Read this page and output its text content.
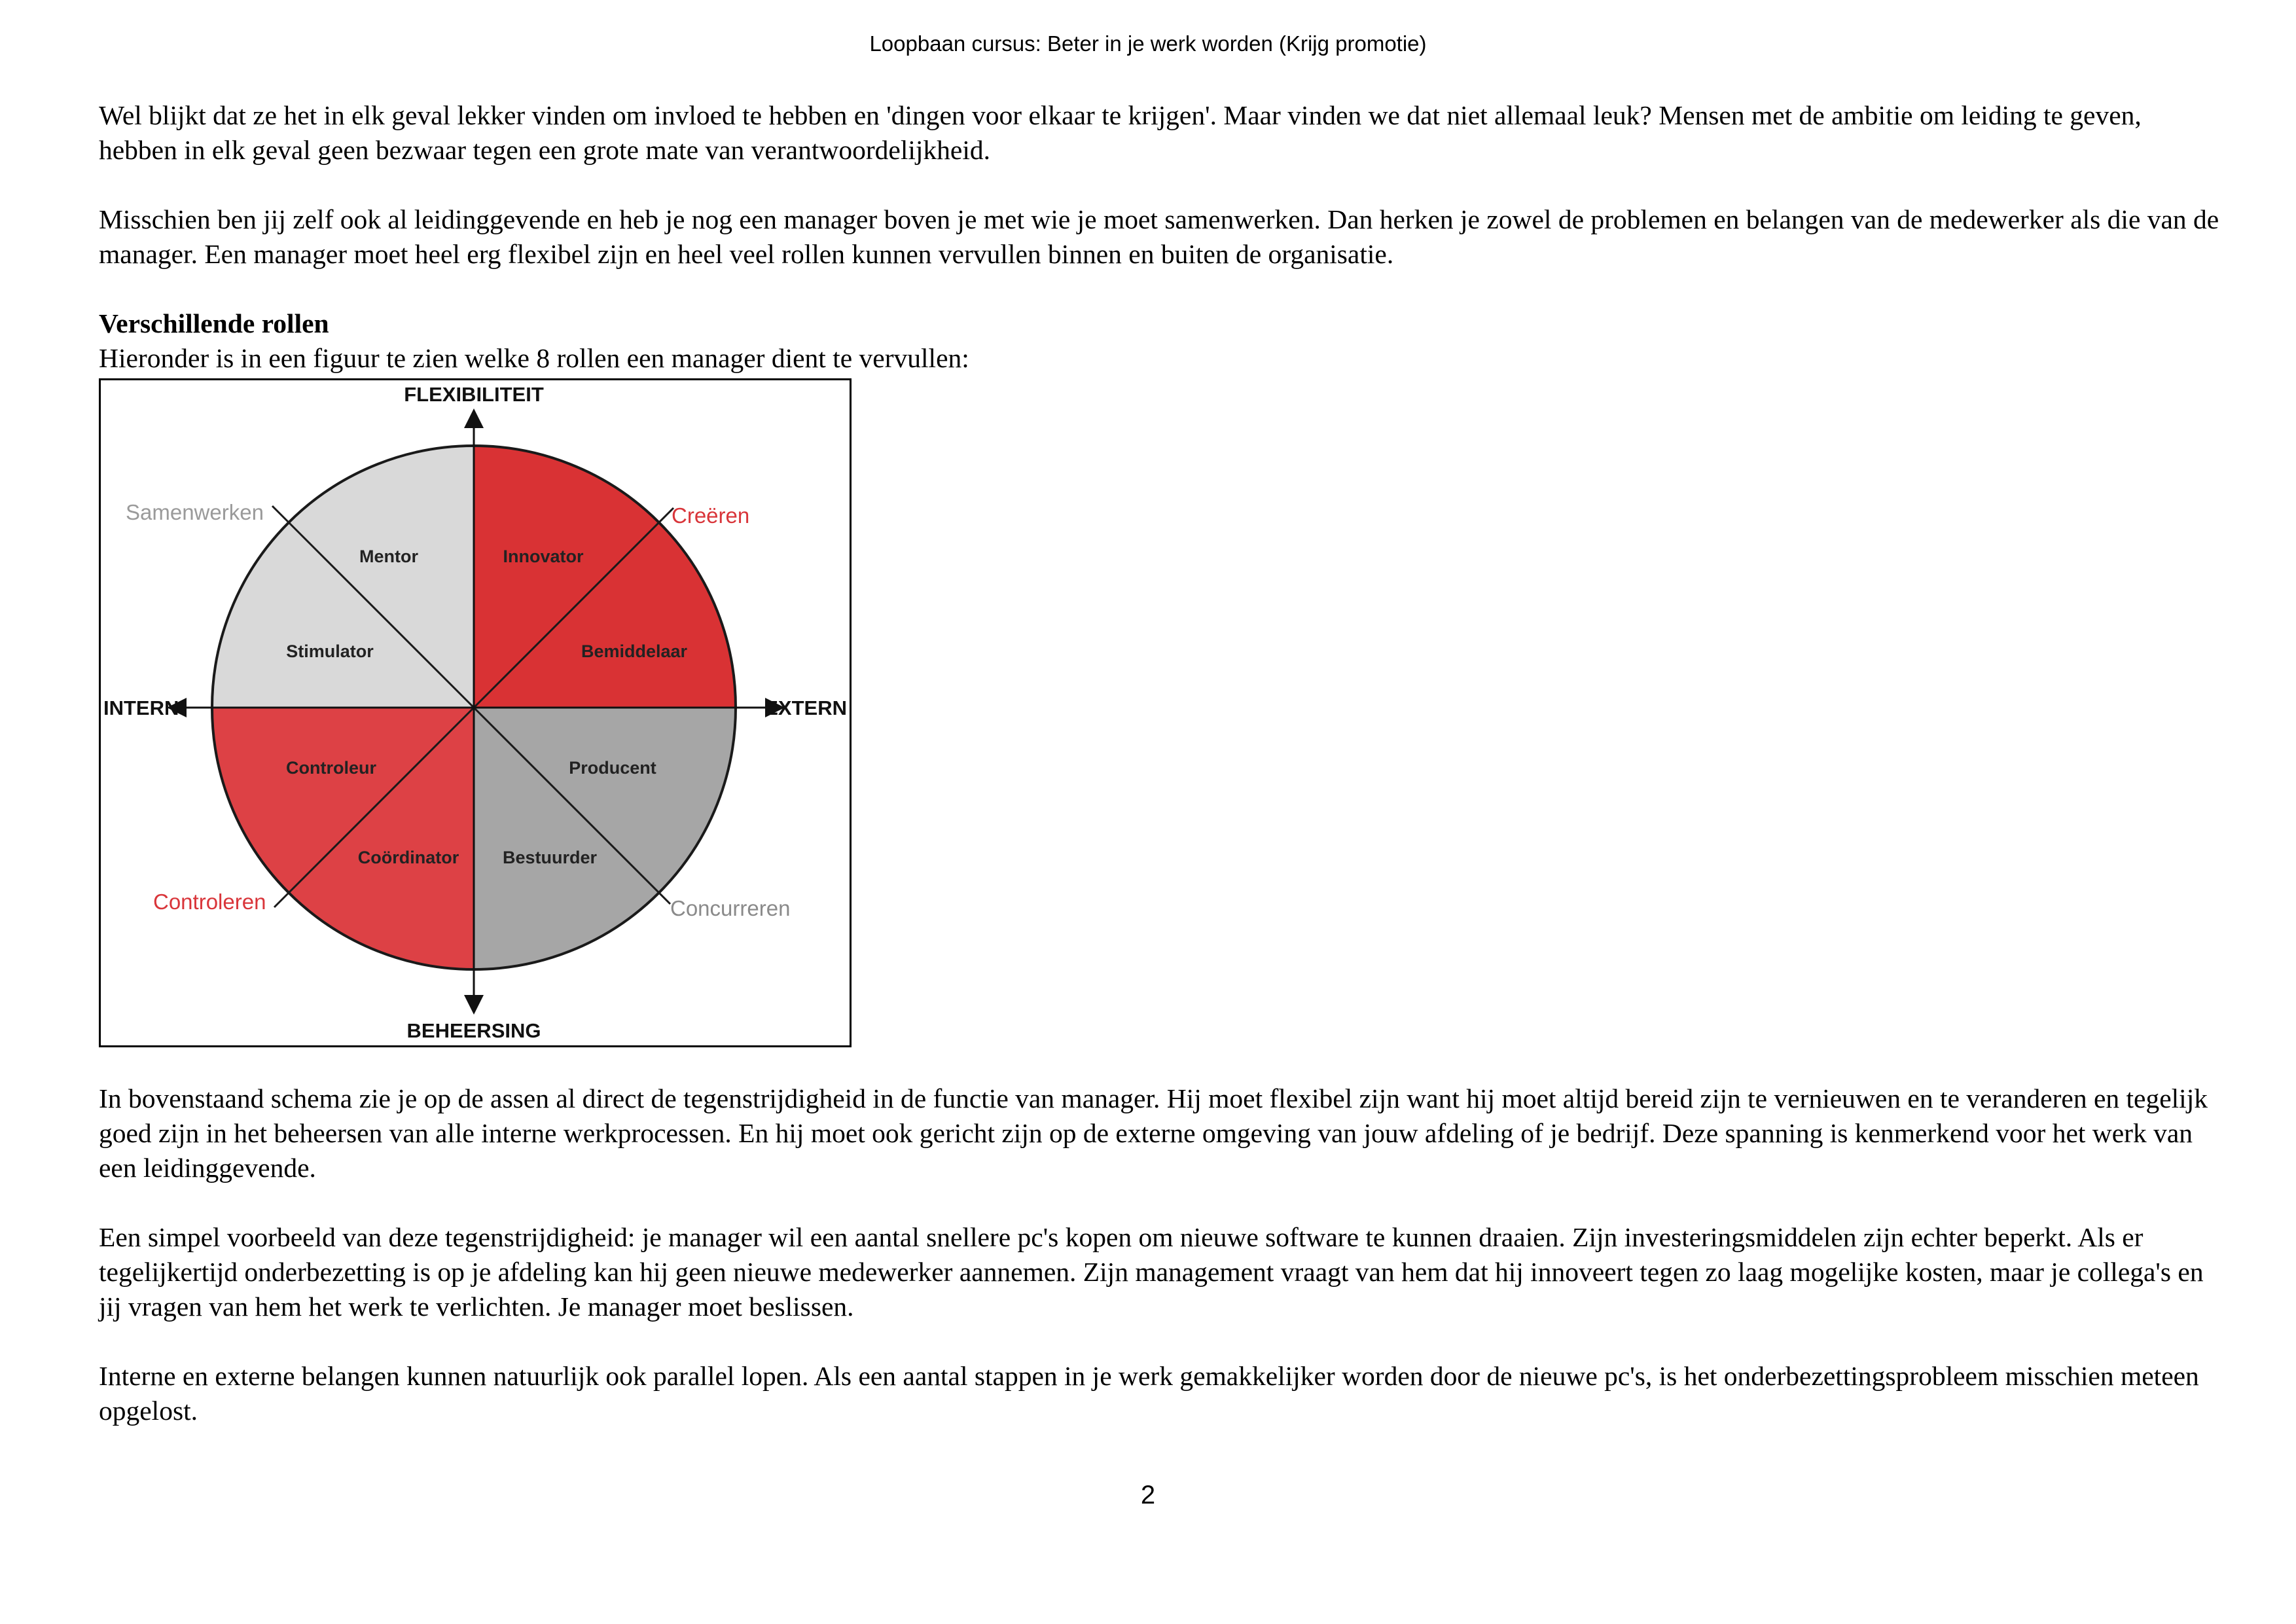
Loopbaan cursus: Beter in je werk worden (Krijg promotie)

Wel blijkt dat ze het in elk geval lekker vinden om invloed te hebben en 'dingen voor elkaar te krijgen'. Maar vinden we dat niet allemaal leuk? Mensen met de ambitie om leiding te geven, hebben in elk geval geen bezwaar tegen een grote mate van verantwoordelijkheid.

Misschien ben jij zelf ook al leidinggevende en heb je nog een manager boven je met wie je moet samenwerken. Dan herken je zowel de problemen en belangen van de medewerker als die van de manager. Een manager moet heel erg flexibel zijn en heel veel rollen kunnen vervullen binnen en buiten de organisatie.

Verschillende rollen

Hieronder is in een figuur te zien welke 8 rollen een manager dient te vervullen:

FLEXIBILITEIT
BEHEERSING
INTERN	EXTERN
Mentor
Stimulator
Innovator
Bemiddelaar
Controleur
Coördinator
Producent
Bestuurder
Samenwerken	Creëren
Controleren	Concurreren

In bovenstaand schema zie je op de assen al direct de tegenstrijdigheid in de functie van manager. Hij moet flexibel zijn want hij moet altijd bereid zijn te vernieuwen en te veranderen en tegelijk goed zijn in het beheersen van alle interne werkprocessen. En hij moet ook gericht zijn op de externe omgeving van jouw afdeling of je bedrijf. Deze spanning is kenmerkend voor het werk van een leidinggevende.

Een simpel voorbeeld van deze tegenstrijdigheid: je manager wil een aantal snellere pc's kopen om nieuwe software te kunnen draaien. Zijn investeringsmiddelen zijn echter beperkt. Als er tegelijkertijd onderbezetting is op je afdeling kan hij geen nieuwe medewerker aannemen. Zijn management vraagt van hem dat hij innoveert tegen zo laag mogelijke kosten, maar je collega's en jij vragen van hem het werk te verlichten. Je manager moet beslissen.

Interne en externe belangen kunnen natuurlijk ook parallel lopen. Als een aantal stappen in je werk gemakkelijker worden door de nieuwe pc's, is het onderbezettingsprobleem misschien meteen opgelost.

2
